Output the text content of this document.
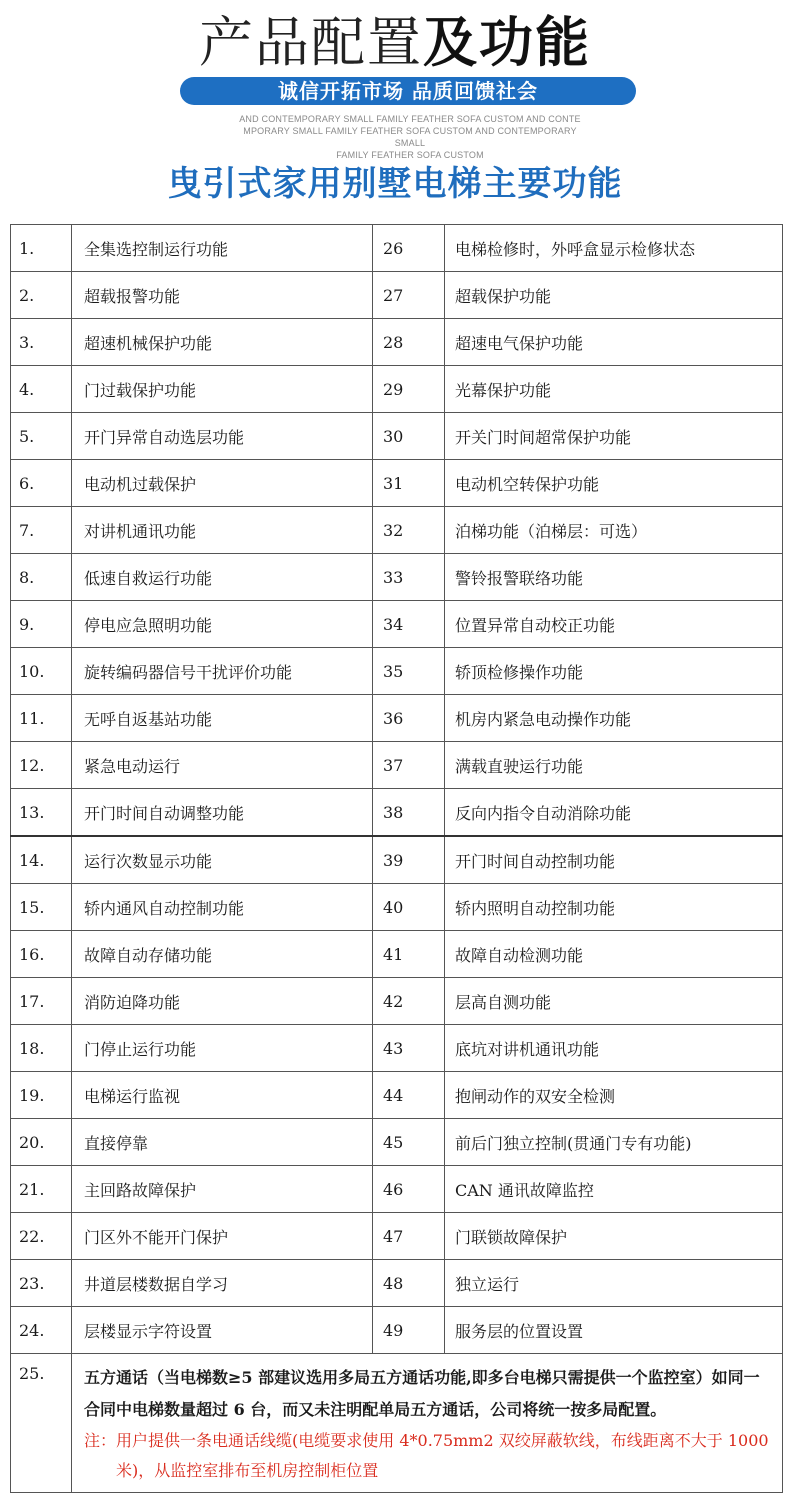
产品配置及功能
诚信开拓市场 品质回馈社会
AND CONTEMPORARY SMALL FAMILY FEATHER SOFA CUSTOM AND CONTE
MPORARY SMALL FAMILY FEATHER SOFA CUSTOM AND CONTEMPORARY SMALL
FAMILY FEATHER SOFA CUSTOM
曳引式家用别墅电梯主要功能
1.	全集选控制运行功能	26	电梯检修时，外呼盒显示检修状态
2.	超载报警功能	27	超载保护功能
3.	超速机械保护功能	28	超速电气保护功能
4.	门过载保护功能	29	光幕保护功能
5.	开门异常自动选层功能	30	开关门时间超常保护功能
6.	电动机过载保护	31	电动机空转保护功能
7.	对讲机通讯功能	32	泊梯功能（泊梯层：可选）
8.	低速自救运行功能	33	警铃报警联络功能
9.	停电应急照明功能	34	位置异常自动校正功能
10.	旋转编码器信号干扰评价功能	35	轿顶检修操作功能
11.	无呼自返基站功能	36	机房内紧急电动操作功能
12.	紧急电动运行	37	满载直驶运行功能
13.	开门时间自动调整功能	38	反向内指令自动消除功能
14.	运行次数显示功能	39	开门时间自动控制功能
15.	轿内通风自动控制功能	40	轿内照明自动控制功能
16.	故障自动存储功能	41	故障自动检测功能
17.	消防迫降功能	42	层高自测功能
18.	门停止运行功能	43	底坑对讲机通讯功能
19.	电梯运行监视	44	抱闸动作的双安全检测
20.	直接停靠	45	前后门独立控制(贯通门专有功能)
21.	主回路故障保护	46	CAN 通讯故障监控
22.	门区外不能开门保护	47	门联锁故障保护
23.	井道层楼数据自学习	48	独立运行
24.	层楼显示字符设置	49	服务层的位置设置
25.	五方通话（当电梯数≥5 部建议选用多局五方通话功能,即多台电梯只需提供一个监控室）如同一合同中电梯数量超过 6 台，而又未注明配单局五方通话，公司将统一按多局配置。
注：用户提供一条电通话线缆(电缆要求使用 4*0.75mm2 双绞屏蔽软线，布线距离不大于 1000
米)，从监控室排布至机房控制柜位置		
